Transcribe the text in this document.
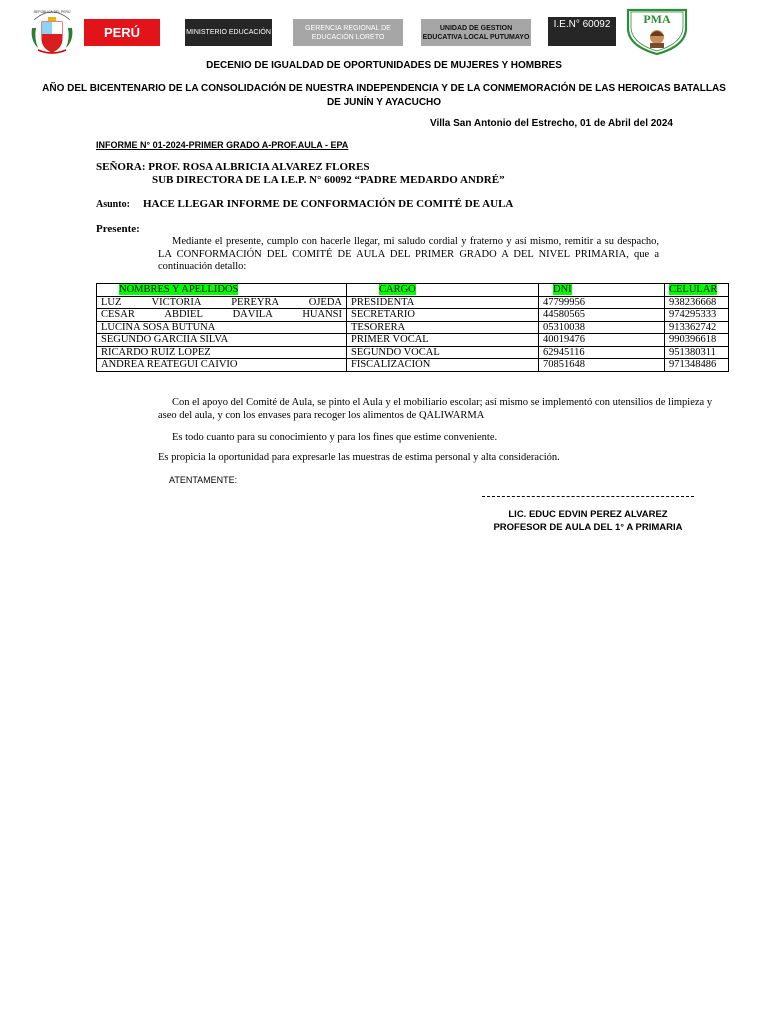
REPÚBLICA DEL PERÚ
PERÚ	MINISTERIO EDUCACIÓN
GERENCIA REGIONAL DE EDUCACIÓN LORETO
UNIDAD DE GESTION EDUCATIVA LOCAL PUTUMAYO
I.E.N° 60092	PMA
DECENIO DE IGUALDAD DE OPORTUNIDADES DE MUJERES Y HOMBRES
AÑO DEL BICENTENARIO DE LA CONSOLIDACIÓN DE NUESTRA INDEPENDENCIA Y DE LA CONMEMORACIÓN DE LAS HEROICAS BATALLAS DE JUNÍN Y AYACUCHO
Villa San Antonio del Estrecho, 01 de Abril del 2024
INFORME N° 01-2024-PRIMER GRADO A-PROF.AULA - EPA
SEÑORA: PROF. ROSA ALBRICIA ALVAREZ FLORES
SUB DIRECTORA DE LA I.E.P. N° 60092 “PADRE MEDARDO ANDRÉ”
Asunto: HACE LLEGAR INFORME DE CONFORMACIÓN DE COMITÉ DE AULA
Presente:
Mediante el presente, cumplo con hacerle llegar, mi saludo cordial y fraterno y así mismo, remitir a su despacho, LA CONFORMACIÓN DEL COMITÉ DE AULA DEL PRIMER GRADO A DEL NIVEL PRIMARIA, que a continuación detallo:
NOMBRES Y APELLIDOS	CARGO	DNI	CELULAR
LUZ VICTORIA PEREYRA OJEDA	PRESIDENTA	47799956	938236668
CESAR ABDIEL DÁVILA HUANSI	SECRETARIO	44580565	974295333
LUCINA SOSA BUTUNA	TESORERA	05310038	913362742
SEGUNDO GARCIIA SILVA	PRIMER VOCAL	40019476	990396618
RICARDO RUIZ LOPEZ	SEGUNDO VOCAL	62945116	951380311
ANDREA REATEGUI CAIVIO	FISCALIZACIÓN	70851648	971348486
Con el apoyo del Comité de Aula, se pinto el Aula y el mobiliario escolar; así mismo se implementó con utensilios de limpieza y aseo del aula, y con los envases para recoger los alimentos de QALIWARMA
Es todo cuanto para su conocimiento y para los fines que estime conveniente.
Es propicia la oportunidad para expresarle las muestras de estima personal y alta consideración.
ATENTAMENTE:
LIC. EDUC EDVIN PEREZ ALVAREZ
PROFESOR DE AULA DEL 1° A PRIMARIA
